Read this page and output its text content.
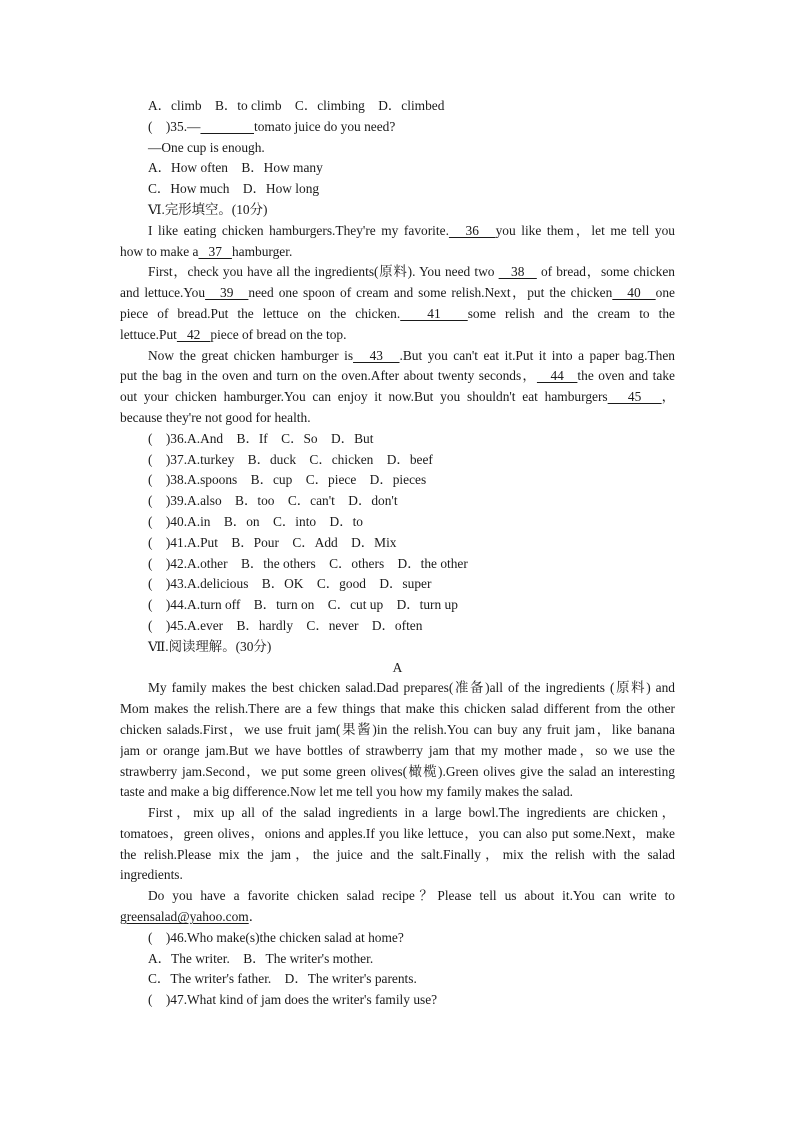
A．climb　B．to climb　C．climbing　D．climbed
(　)35.—	tomato juice do you need?
—One cup is enough.
A．How often　B．How many
C．How much　D．How long
Ⅵ.完形填空。(10分)
I like eating chicken hamburgers.They're my favorite.   36   you like them，let me tell you
how to make a   37   hamburger.
First，check you have all the ingredients(原料). You need two    38    of bread，some chicken
and lettuce.You   39   need one spoon of cream and some relish.Next，put the chicken   40   one
piece of bread.Put the lettuce on the chicken.   41   some relish and the cream to the
lettuce.Put   42   piece of bread on the top.
Now the great chicken hamburger is   43   .But you can't eat it.Put it into a paper bag.Then
put the bag in the oven and turn on the oven.After about twenty seconds，   44   the oven and take
out your chicken hamburger.You can enjoy it now.But you shouldn't eat hamburgers   45   ，
because they're not good for health.
(　)36.A.And　B．If　C．So　D．But
(　)37.A.turkey　B．duck　C．chicken　D．beef
(　)38.A.spoons　B．cup　C．piece　D．pieces
(　)39.A.also　B．too　C．can't　D．don't
(　)40.A.in　B．on　C．into　D．to
(　)41.A.Put　B．Pour　C．Add　D．Mix
(　)42.A.other　B．the others　C．others　D．the other
(　)43.A.delicious　B．OK　C．good　D．super
(　)44.A.turn off　B．turn on　C．cut up　D．turn up
(　)45.A.ever　B．hardly　C．never　D．often
Ⅶ.阅读理解。(30分)
A
My family makes the best chicken salad.Dad prepares(准备)all of the ingredients (原料) and
Mom makes the relish.There are a few things that make this chicken salad different from the other
chicken salads.First，we use fruit jam(果酱)in the relish.You can buy any fruit jam，like banana
jam or orange jam.But we have bottles of strawberry jam that my mother made，so we use the
strawberry jam.Second，we put some green olives(橄榄).Green olives give the salad an interesting
taste and make a big difference.Now let me tell you how my family makes the salad.
First，mix up all of the salad ingredients in a large bowl.The ingredients are chicken，
tomatoes，green olives，onions and apples.If you like lettuce，you can also put some.Next，make
the relish.Please mix the jam，the juice and the salt.Finally，mix the relish with the salad
ingredients.
Do you have a favorite chicken salad recipe？Please tell us about it.You can write to
greensalad@yahoo.com．
(　)46.Who make(s)the chicken salad at home?
A．The writer.　B．The writer's mother.
C．The writer's father.　D．The writer's parents.
(　)47.What kind of jam does the writer's family use?
